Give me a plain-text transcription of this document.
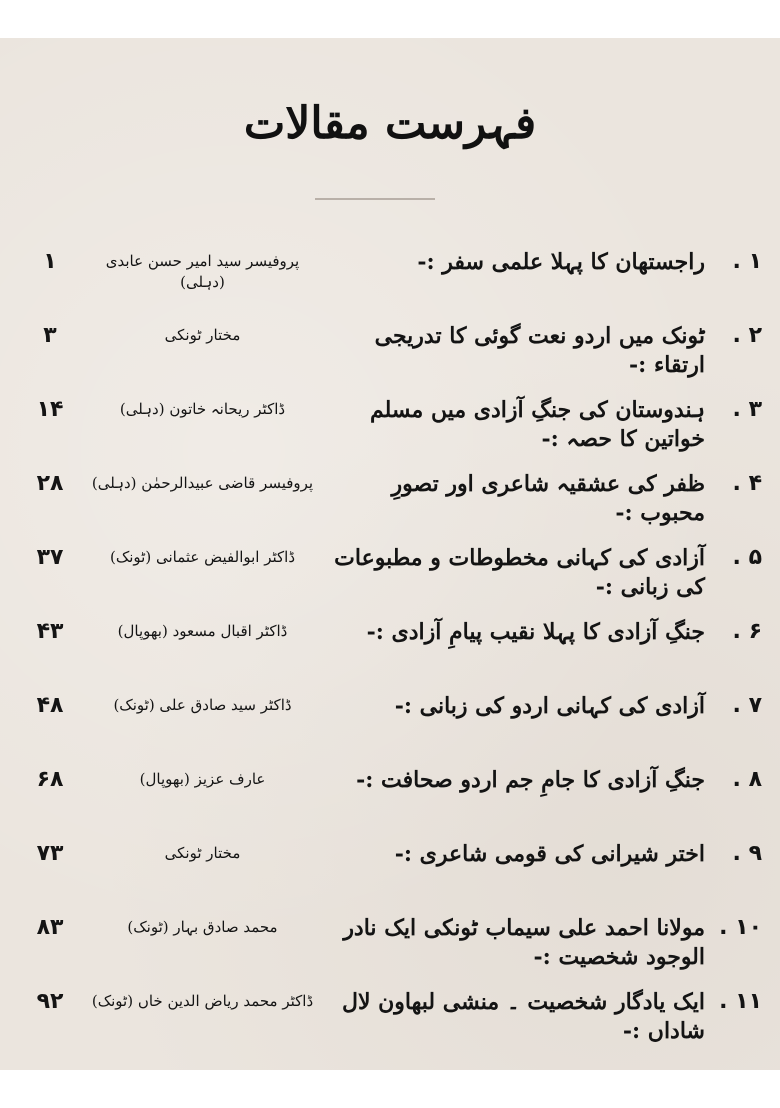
فہرست مقالات
۱ .
راجستھان کا پہلا علمی سفر :-
پروفیسر سید امیر حسن عابدی (دہلی)
۱
۲ .
ٹونک میں اردو نعت گوئی کا تدریجی ارتقاء :-
مختار ٹونکی
۳
۳ .
ہندوستان کی جنگِ آزادی میں مسلم خواتین کا حصہ :-
ڈاکٹر ریحانہ خاتون (دہلی)
۱۴
۴ .
ظفر کی عشقیہ شاعری اور تصورِ محبوب :-
پروفیسر قاضی عبیدالرحمٰن (دہلی)
۲۸
۵ .
آزادی کی کہانی مخطوطات و مطبوعات کی زبانی :-
ڈاکٹر ابوالفیض عثمانی (ٹونک)
۳۷
۶ .
جنگِ آزادی کا پہلا نقیب پیامِ آزادی :-
ڈاکٹر اقبال مسعود (بھوپال)
۴۳
۷ .
آزادی کی کہانی اردو کی زبانی :-
ڈاکٹر سید صادق علی (ٹونک)
۴۸
۸ .
جنگِ آزادی کا جامِ جم اردو صحافت :-
عارف عزیز (بھوپال)
۶۸
۹ .
اختر شیرانی کی قومی شاعری :-
مختار ٹونکی
۷۳
۱۰ .
مولانا احمد علی سیماب ٹونکی ایک نادر الوجود شخصیت :-
محمد صادق بہار (ٹونک)
۸۳
۱۱ .
ایک یادگار شخصیت ۔ منشی لبھاون لال شاداں :-
ڈاکٹر محمد ریاض الدین خاں (ٹونک)
۹۲
